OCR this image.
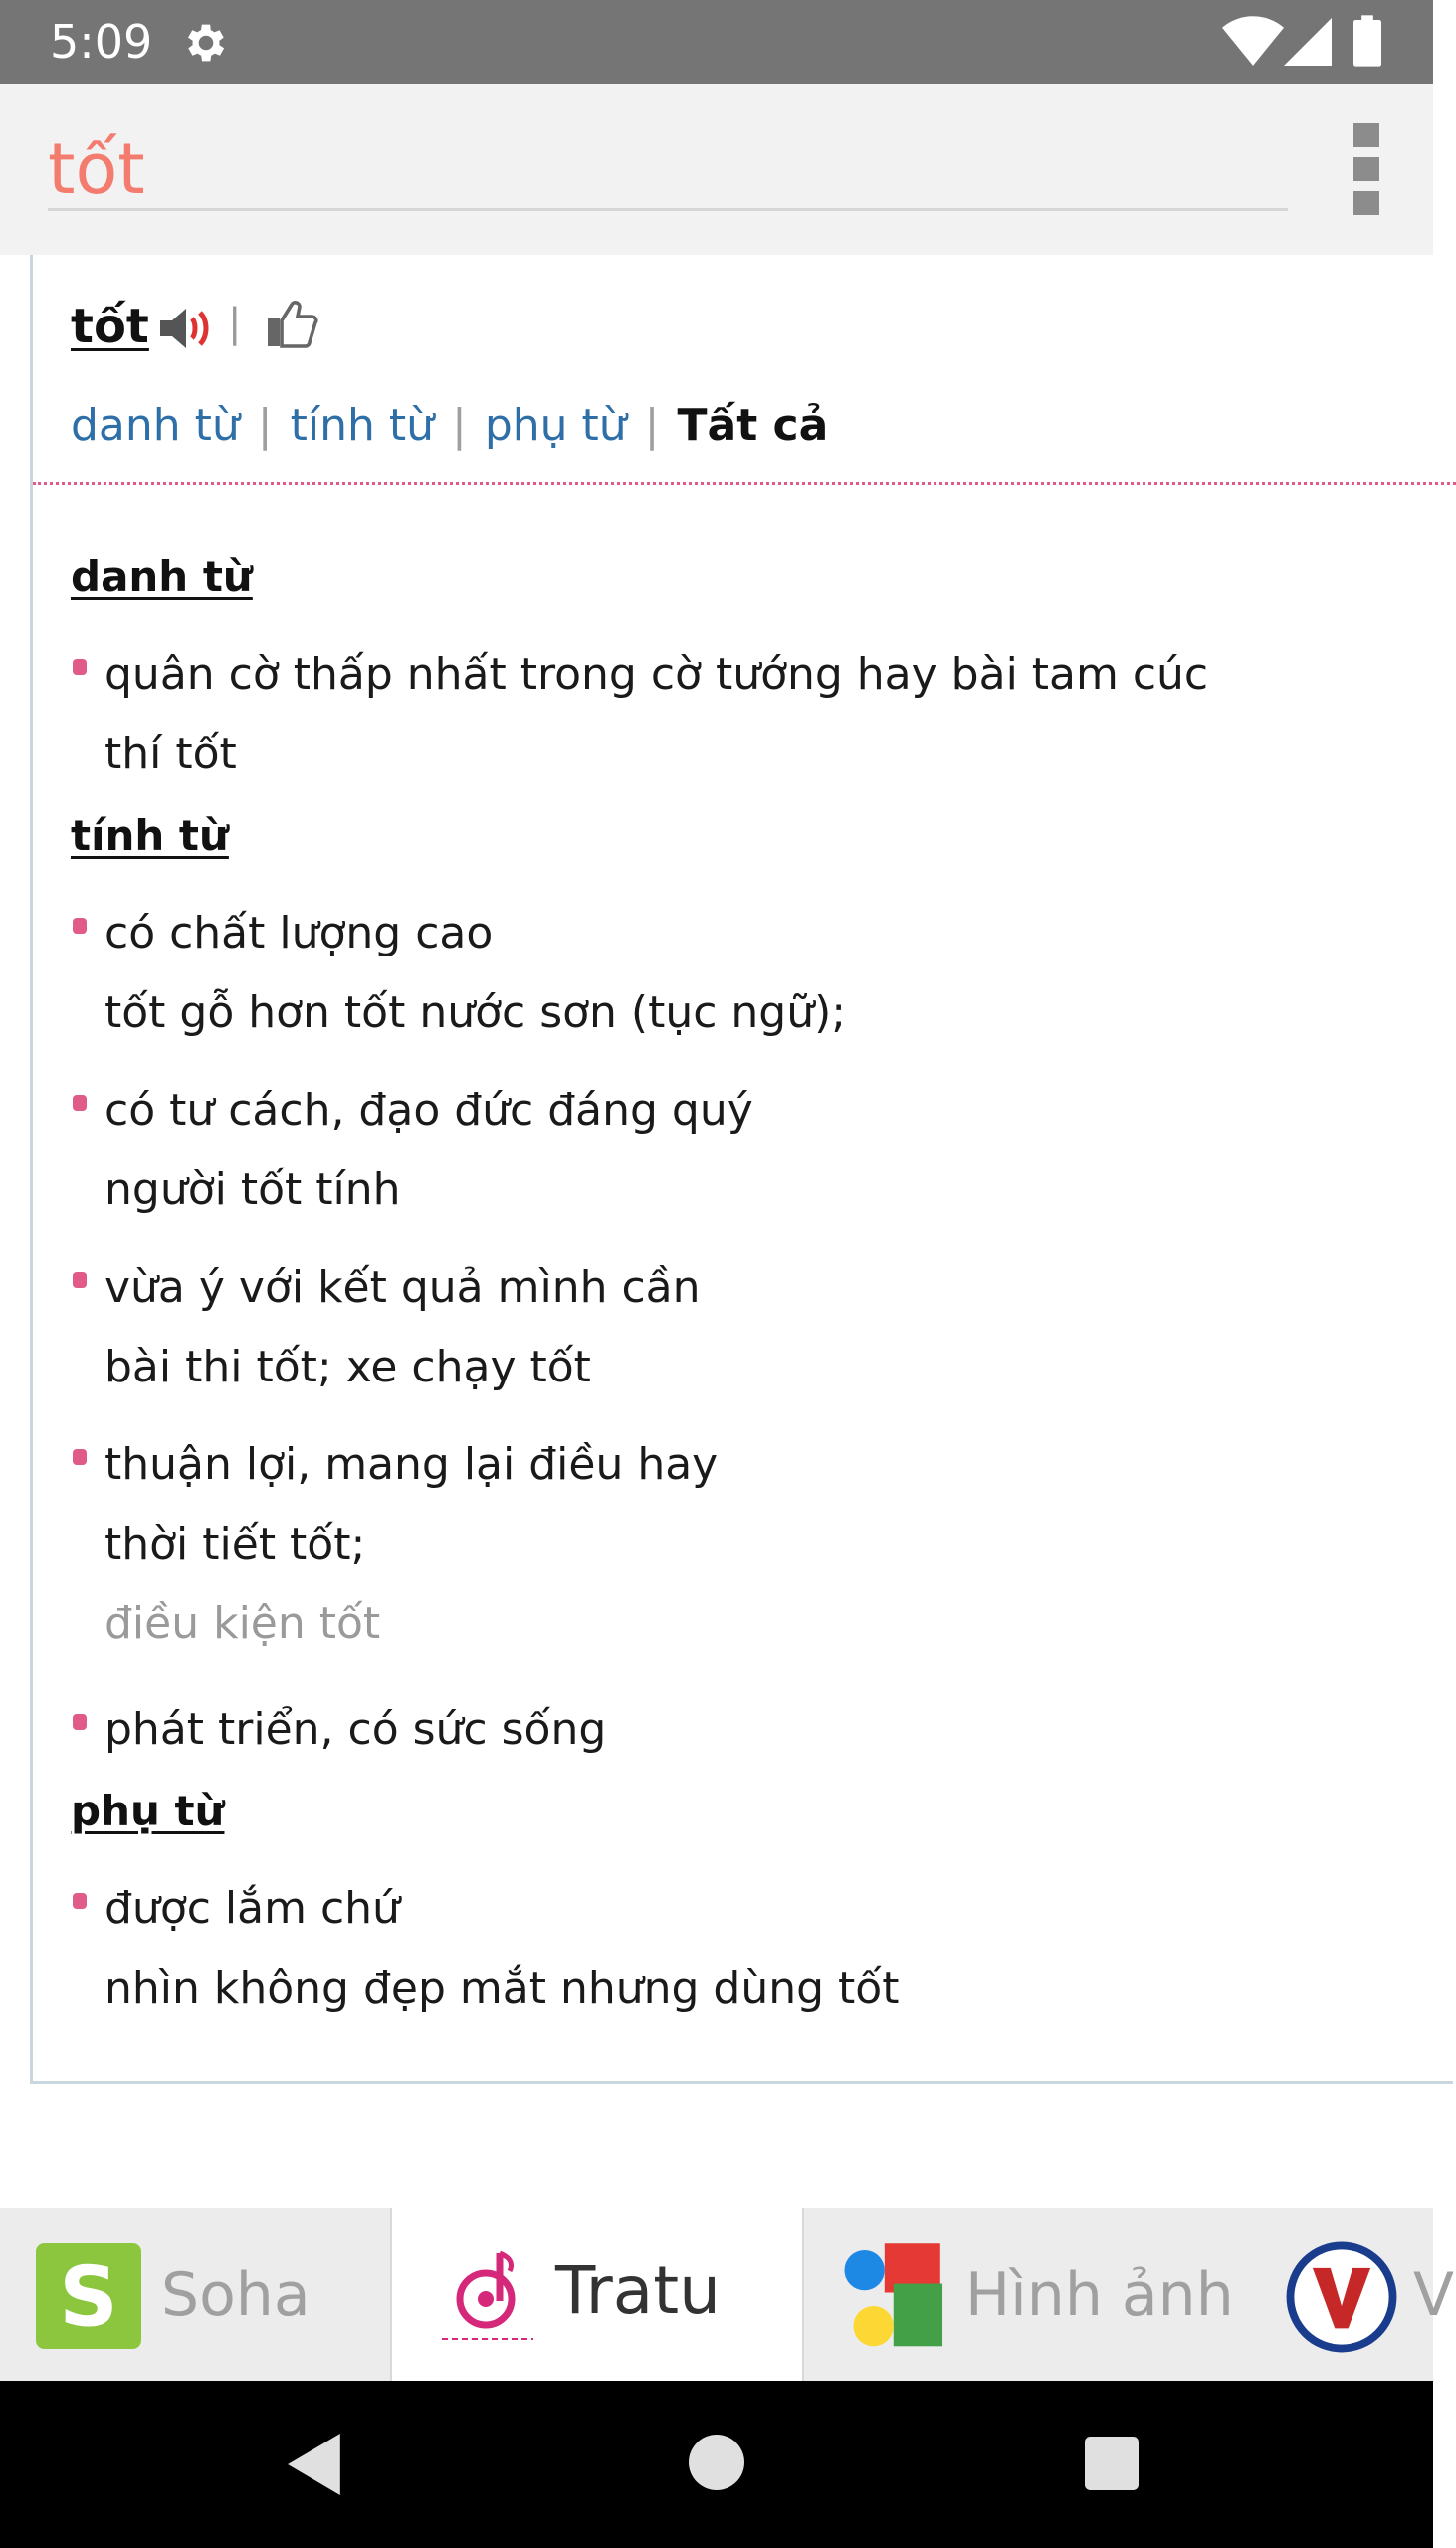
5:09
tốt
tốt |
danh từ | tính từ | phụ từ | Tất cả
danh từ
quân cờ thấp nhất trong cờ tướng hay bài tam cúc
thí tốt
tính từ
có chất lượng cao
tốt gỗ hơn tốt nước sơn (tục ngữ);
có tư cách, đạo đức đáng quý
người tốt tính
vừa ý với kết quả mình cần
bài thi tốt; xe chạy tốt
thuận lợi, mang lại điều hay
thời tiết tốt;
điều kiện tốt
phát triển, có sức sống
phụ từ
được lắm chứ
nhìn không đẹp mắt nhưng dùng tốt
S Soha	Tratu	Hình ảnh	V
